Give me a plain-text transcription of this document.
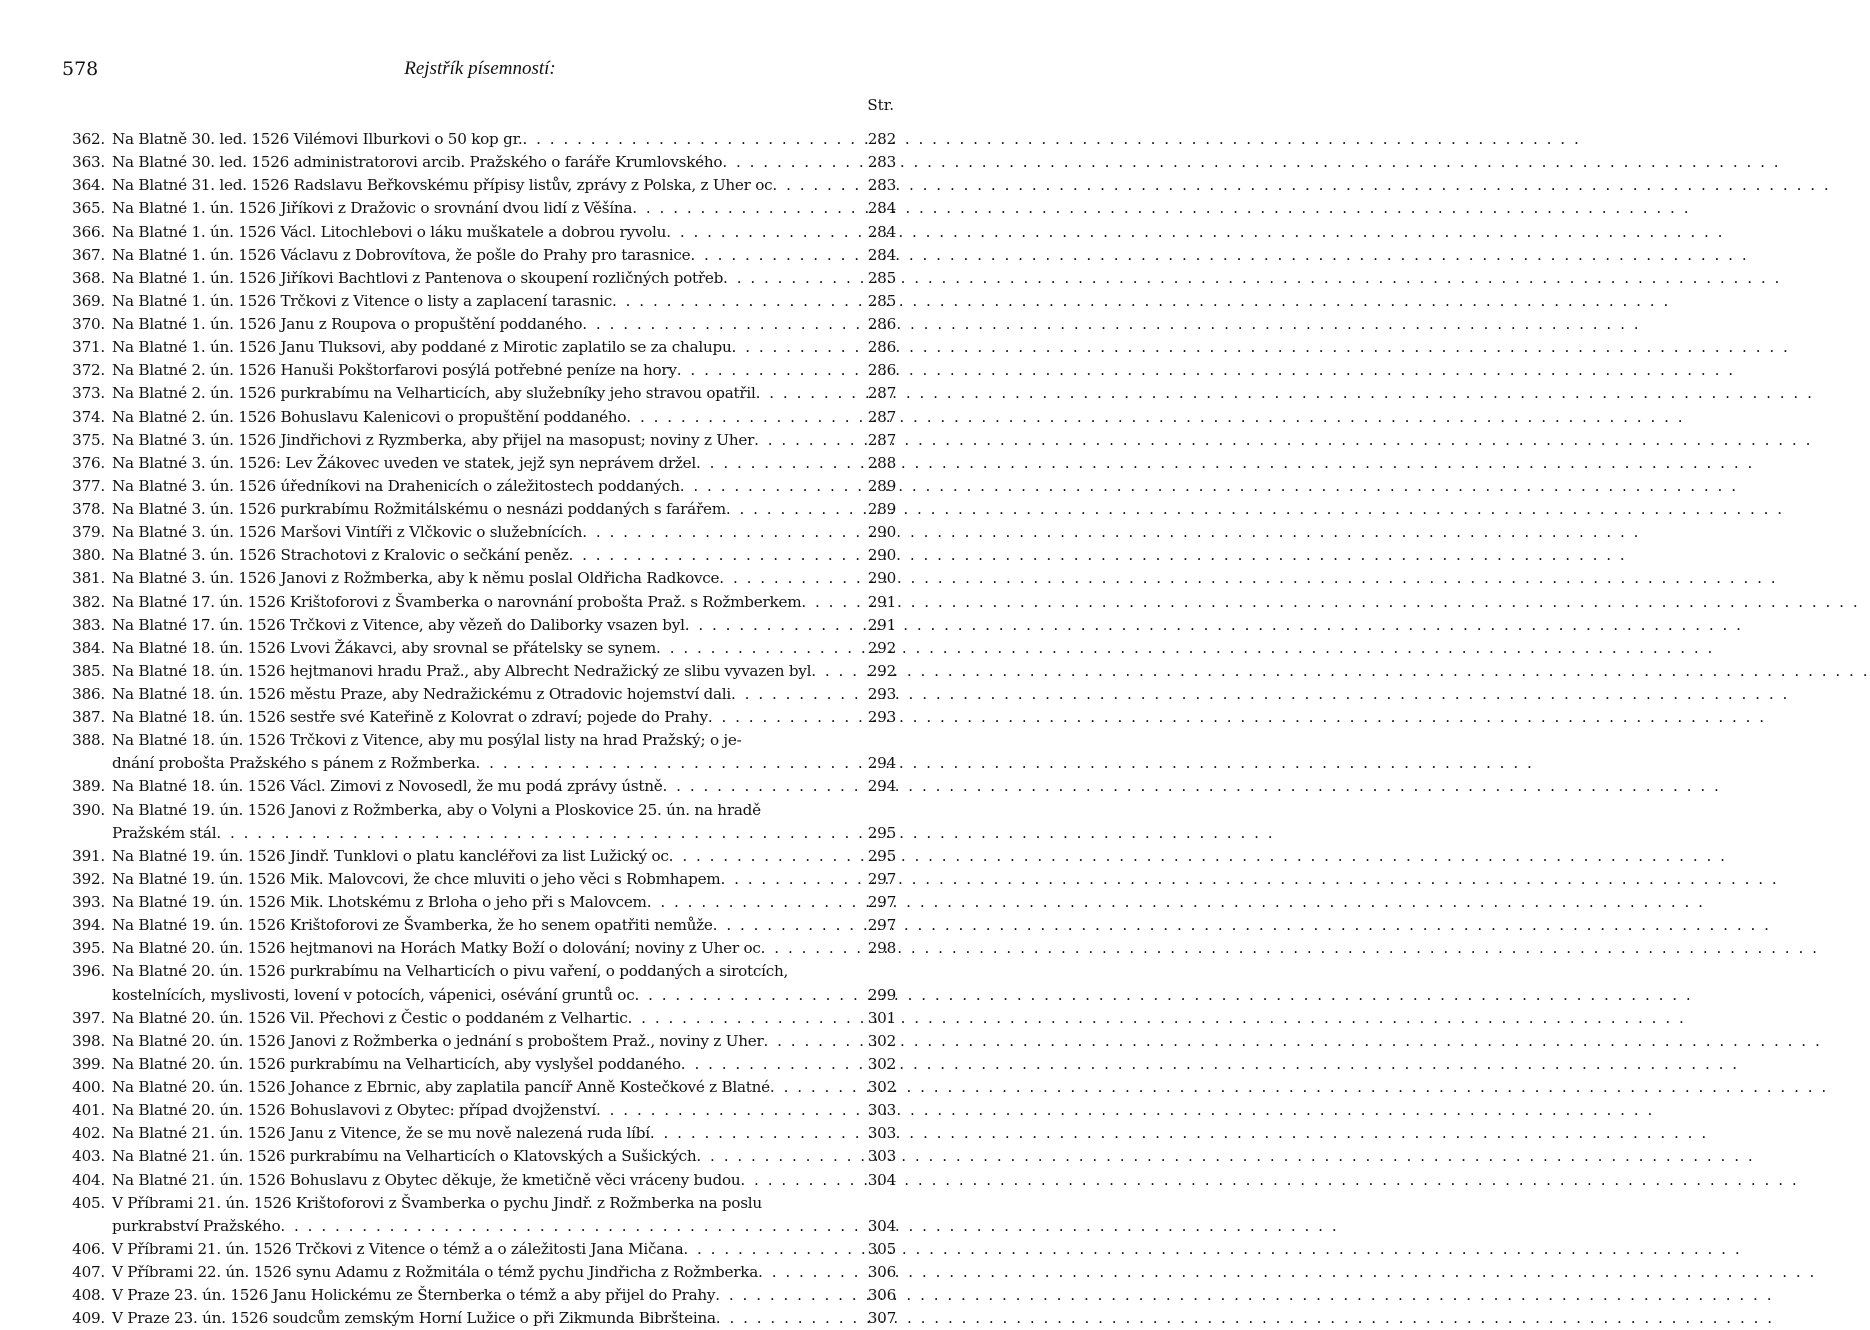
578	Rejstřík písemností:
Str.
362. Na Blatně 30. led. 1526 Vilémovi Ilburkovi o 50 kop gr. . . .	282
363. Na Blatné 30. led. 1526 administratorovi arcib. Pražského o faráře Krumlovského . . .	283
364. Na Blatné 31. led. 1526 Radslavu Beřkovskému přípisy listův, zprávy z Polska, z Uher oc . . .	283
365. Na Blatné 1. ún. 1526 Jiříkovi z Dražovic o srovnání dvou lidí z Věšína . . .	284
366. Na Blatné 1. ún. 1526 Václ. Litochlebovi o láku muškatele a dobrou ryvolu . . .	284
367. Na Blatné 1. ún. 1526 Václavu z Dobrovítova, že pošle do Prahy pro tarasnice . . .	284
368. Na Blatné 1. ún. 1526 Jiříkovi Bachtlovi z Pantenova o skoupení rozličných potřeb . . .	285
369. Na Blatné 1. ún. 1526 Trčkovi z Vitence o listy a zaplacení tarasnic . . .	285
370. Na Blatné 1. ún. 1526 Janu z Roupova o propuštění poddaného . . .	286
371. Na Blatné 1. ún. 1526 Janu Tluksovi, aby poddané z Mirotic zaplatilo se za chalupu . . .	286
372. Na Blatné 2. ún. 1526 Hanuši Pokštorfarovi posýlá potřebné peníze na hory . . .	286
373. Na Blatné 2. ún. 1526 purkrabímu na Velharticích, aby služebníky jeho stravou opatřil . . .	287
374. Na Blatné 2. ún. 1526 Bohuslavu Kalenicovi o propuštění poddaného . . .	287
375. Na Blatné 3. ún. 1526 Jindřichovi z Ryzmberka, aby přijel na masopust; noviny z Uher . . .	287
376. Na Blatné 3. ún. 1526: Lev Žákovec uveden ve statek, jejž syn neprávem držel . . .	288
377. Na Blatné 3. ún. 1526 úředníkovi na Drahenicích o záležitostech poddaných . . .	289
378. Na Blatné 3. ún. 1526 purkrabímu Rožmitálskému o nesnázi poddaných s farářem . . .	289
379. Na Blatné 3. ún. 1526 Maršovi Vintíři z Vlčkovic o služebnících . . .	290
380. Na Blatné 3. ún. 1526 Strachotovi z Kralovic o sečkání peněz . . .	290
381. Na Blatné 3. ún. 1526 Janovi z Rožmberka, aby k němu poslal Oldřicha Radkovce . . .	290
382. Na Blatné 17. ún. 1526 Krištoforovi z Švamberka o narovnání probošta Praž. s Rožmberkem . . .	291
383. Na Blatné 17. ún. 1526 Trčkovi z Vitence, aby vězeň do Daliborky vsazen byl . . .	291
384. Na Blatné 18. ún. 1526 Lvovi Žákavci, aby srovnal se přátelsky se synem . . .	292
385. Na Blatné 18. ún. 1526 hejtmanovi hradu Praž., aby Albrecht Nedražický ze slibu vyvazen byl . . .	292
386. Na Blatné 18. ún. 1526 městu Praze, aby Nedražickému z Otradovic hojemství dali . . .	293
387. Na Blatné 18. ún. 1526 sestře své Kateřině z Kolovrat o zdraví; pojede do Prahy . . .	293
388. Na Blatné 18. ún. 1526 Trčkovi z Vitence, aby mu posýlal listy na hrad Pražský; o je-
dnání probošta Pražského s pánem z Rožmberka . . .	294
389. Na Blatné 18. ún. 1526 Václ. Zimovi z Novosedl, že mu podá zprávy ústně . . .	294
390. Na Blatné 19. ún. 1526 Janovi z Rožmberka, aby o Volyni a Ploskovice 25. ún. na hradě
Pražském stál . . .	295
391. Na Blatné 19. ún. 1526 Jindř. Tunklovi o platu kancléřovi za list Lužický oc . . .	295
392. Na Blatné 19. ún. 1526 Mik. Malovcovi, že chce mluviti o jeho věci s Robmhapem . . .	297
393. Na Blatné 19. ún. 1526 Mik. Lhotskému z Brloha o jeho při s Malovcem . . .	297
394. Na Blatné 19. ún. 1526 Krištoforovi ze Švamberka, že ho senem opatřiti nemůže . . .	297
395. Na Blatné 20. ún. 1526 hejtmanovi na Horách Matky Boží o dolování; noviny z Uher oc . . .	298
396. Na Blatné 20. ún. 1526 purkrabímu na Velharticích o pivu vaření, o poddaných a sirotcích,
kostelnících, myslivosti, lovení v potocích, vápenici, osévání gruntů oc . . .	299
397. Na Blatné 20. ún. 1526 Vil. Přechovi z Čestic o poddaném z Velhartic . . .	301
398. Na Blatné 20. ún. 1526 Janovi z Rožmberka o jednání s proboštem Praž., noviny z Uher . . .	302
399. Na Blatné 20. ún. 1526 purkrabímu na Velharticích, aby vyslyšel poddaného . . .	302
400. Na Blatné 20. ún. 1526 Johance z Ebrnic, aby zaplatila pancíř Anně Kostečkové z Blatné . . .	302
401. Na Blatné 20. ún. 1526 Bohuslavovi z Obytec: případ dvojženství . . .	303
402. Na Blatné 21. ún. 1526 Janu z Vitence, že se mu nově nalezená ruda líbí . . .	303
403. Na Blatné 21. ún. 1526 purkrabímu na Velharticích o Klatovských a Sušických . . .	303
404. Na Blatné 21. ún. 1526 Bohuslavu z Obytec děkuje, že kmetičně věci vráceny budou . . .	304
405. V Příbrami 21. ún. 1526 Krištoforovi z Švamberka o pychu Jindř. z Rožmberka na poslu
purkrabství Pražského . . .	304
406. V Příbrami 21. ún. 1526 Trčkovi z Vitence o témž a o záležitosti Jana Mičana . . .	305
407. V Příbrami 22. ún. 1526 synu Adamu z Rožmitála o témž pychu Jindřicha z Rožmberka . . .	306
408. V Praze 23. ún. 1526 Janu Holickému ze Šternberka o témž a aby přijel do Prahy . . .	306
409. V Praze 23. ún. 1526 soudcům zemským Horní Lužice o při Zikmunda Bibršteina . . .	307
